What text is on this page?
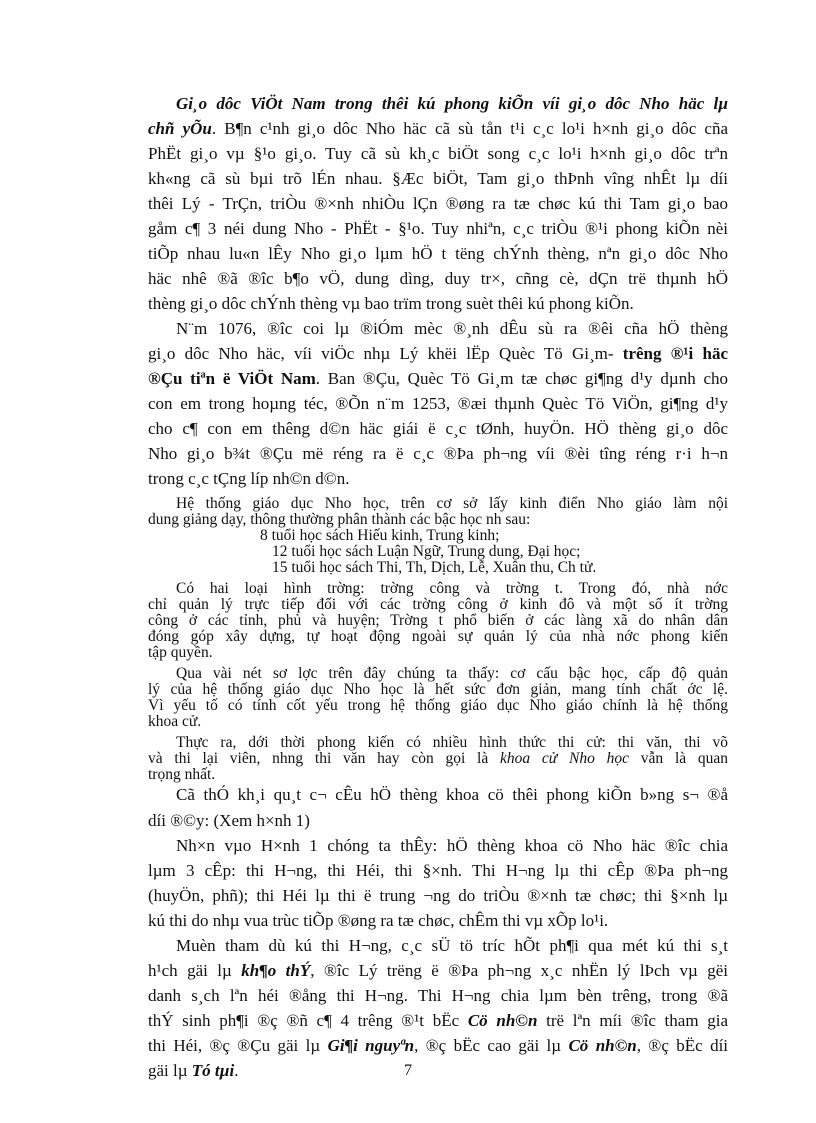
Gi¸o dôc ViÖt Nam trong thêi kú phong kiÕn víi gi¸o dôc Nho häc lµ
chñ yÕu. B¶n c¹nh gi¸o dôc Nho häc cã sù tån t¹i c¸c lo¹i h×nh gi¸o dôc cña
PhËt gi¸o vµ §¹o gi¸o. Tuy cã sù kh¸c biÖt song c¸c lo¹i h×nh gi¸o dôc trªn
kh«ng cã sù bµi trõ lÉn nhau. §Æc biÖt, Tam gi¸o thÞnh vîng nhÊt lµ díi
thêi Lý - TrÇn, triÒu ®×nh nhiÒu lÇn ®øng ra tæ chøc kú thi Tam gi¸o bao
gåm c¶ 3 néi dung Nho - PhËt - §¹o. Tuy nhiªn, c¸c triÒu ®¹i phong kiÕn nèi
tiÕp nhau lu«n lÊy Nho gi¸o lµm hÖ t tëng chÝnh thèng, nªn gi¸o dôc Nho
häc nhê ®ã ®îc b¶o vÖ, dung dìng, duy tr×, cñng cè, dÇn trë thµnh hÖ
thèng gi¸o dôc chÝnh thèng vµ bao trïm trong suèt thêi kú phong kiÕn.
N¨m 1076, ®îc coi lµ ®iÓm mèc ®¸nh dÊu sù ra ®êi cña hÖ thèng
gi¸o dôc Nho häc, víi viÖc nhµ Lý khëi lËp Quèc Tö Gi¸m- trêng ®¹i häc
®Çu tiªn ë ViÖt Nam. Ban ®Çu, Quèc Tö Gi¸m tæ chøc gi¶ng d¹y dµnh cho
con em trong hoµng téc, ®Õn n¨m 1253, ®æi thµnh Quèc Tö ViÖn, gi¶ng d¹y
cho c¶ con em thêng d©n häc giái ë c¸c tØnh, huyÖn. HÖ thèng gi¸o dôc
Nho gi¸o b¾t ®Çu më réng ra ë c¸c ®Þa ph¬ng víi ®èi tîng réng r·i h¬n
trong c¸c tÇng líp nh©n d©n.
Hệ thống giáo dục Nho học, trên cơ sở lấy kinh điển Nho giáo làm nội
dung giảng dạy, thông thường phân thành các bậc học nh sau:
8 tuổi học sách Hiếu kinh, Trung kinh;
12 tuổi học sách Luận Ngữ, Trung dung, Đại học;
15 tuổi học sách Thi, Th, Dịch, Lễ, Xuân thu, Ch tử.
Có hai loại hình trờng: trờng công và trờng t. Trong đó, nhà nớc
chỉ quản lý trực tiếp đối với các trờng công ở kinh đô và một số ít trờng
công ở các tỉnh, phủ và huyện; Trờng t phổ biến ở các làng xã do nhân dân
đóng góp xây dựng, tự hoạt động ngoài sự quản lý của nhà nớc phong kiến
tập quyền.
Qua vài nét sơ lợc trên đây chúng ta thấy: cơ cấu bậc học, cấp độ quản
lý của hệ thống giáo dục Nho học là hết sức đơn giản, mang tính chất ớc lệ.
Vì yếu tố có tính cốt yếu trong hệ thống giáo dục Nho giáo chính là hệ thống
khoa cử.
Thực ra, dới thời phong kiến có nhiều hình thức thi cử: thi văn, thi võ
và thi lại viên, nhng thi văn hay còn gọi là khoa cử Nho học vẫn là quan
trọng nhất.
Cã thÓ kh¸i qu¸t c¬ cÊu hÖ thèng khoa cö thêi phong kiÕn b»ng s¬ ®å
díi ®©y: (Xem h×nh 1)
Nh×n vµo H×nh 1 chóng ta thÊy: hÖ thèng khoa cö Nho häc ®îc chia
lµm 3 cÊp: thi H¬ng, thi Héi, thi §×nh. Thi H¬ng lµ thi cÊp ®Þa ph¬ng
(huyÖn, phñ); thi Héi lµ thi ë trung ¬ng do triÒu ®×nh tæ chøc; thi §×nh lµ
kú thi do nhµ vua trùc tiÕp ®øng ra tæ chøc, chÊm thi vµ xÕp lo¹i.
Muèn tham dù kú thi H¬ng, c¸c sÜ tö tríc hÕt ph¶i qua mét kú thi s¸t
h¹ch gäi lµ kh¶o thÝ, ®îc Lý trëng ë ®Þa ph¬ng x¸c nhËn lý lÞch vµ gëi
danh s¸ch lªn héi ®ång thi H¬ng. Thi H¬ng chia lµm bèn trêng, trong ®ã
thÝ sinh ph¶i ®ç ®ñ c¶ 4 trêng ®¹t bËc Cö nh©n trë lªn míi ®îc tham gia
thi Héi, ®ç ®Çu gäi lµ Gi¶i nguyªn, ®ç bËc cao gäi lµ Cö nh©n, ®ç bËc díi
gäi lµ Tó tµi.	7
